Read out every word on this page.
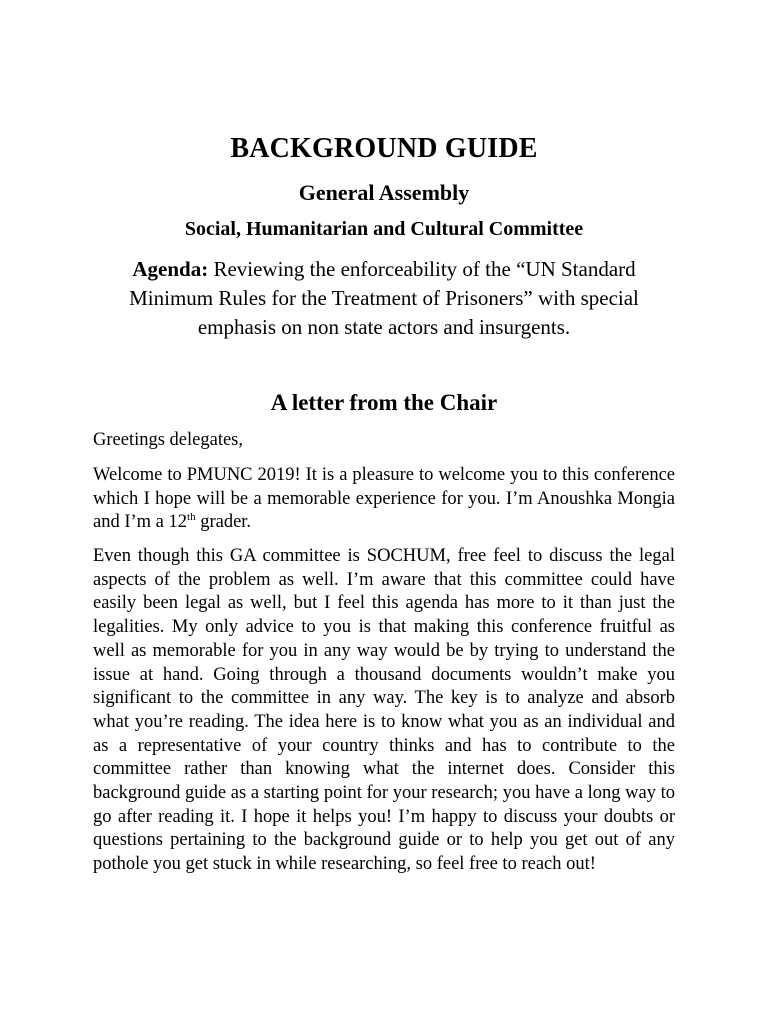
BACKGROUND GUIDE
General Assembly
Social, Humanitarian and Cultural Committee
Agenda: Reviewing the enforceability of the “UN Standard Minimum Rules for the Treatment of Prisoners” with special emphasis on non state actors and insurgents.
A letter from the Chair

Greetings delegates,

Welcome to PMUNC 2019! It is a pleasure to welcome you to this conference which I hope will be a memorable experience for you. I’m Anoushka Mongia and I’m a 12th grader.

Even though this GA committee is SOCHUM, free feel to discuss the legal aspects of the problem as well. I’m aware that this committee could have easily been legal as well, but I feel this agenda has more to it than just the legalities. My only advice to you is that making this conference fruitful as well as memorable for you in any way would be by trying to understand the issue at hand. Going through a thousand documents wouldn’t make you significant to the committee in any way. The key is to analyze and absorb what you’re reading. The idea here is to know what you as an individual and as a representative of your country thinks and has to contribute to the committee rather than knowing what the internet does. Consider this background guide as a starting point for your research; you have a long way to go after reading it. I hope it helps you! I’m happy to discuss your doubts or questions pertaining to the background guide or to help you get out of any pothole you get stuck in while researching, so feel free to reach out!
